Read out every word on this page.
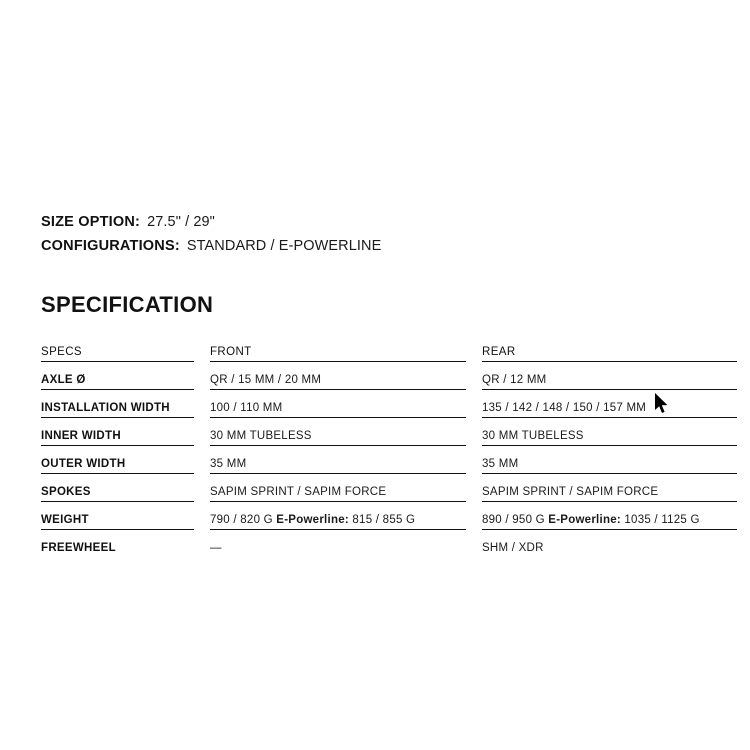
SIZE OPTION: 27.5" / 29"
CONFIGURATIONS: STANDARD / E-POWERLINE
SPECIFICATION
SPECS		FRONT		REAR
AXLE Ø		QR / 15 MM / 20 MM		QR / 12 MM
INSTALLATION WIDTH		100 / 110 MM		135 / 142 / 148 / 150 / 157 MM
INNER WIDTH		30 MM TUBELESS		30 MM TUBELESS
OUTER WIDTH		35 MM		35 MM
SPOKES		SAPIM SPRINT / SAPIM FORCE		SAPIM SPRINT / SAPIM FORCE
WEIGHT		790 / 820 G E-Powerline: 815 / 855 G		890 / 950 G E-Powerline: 1035 / 1125 G

FREEWHEEL		—		SHM / XDR
